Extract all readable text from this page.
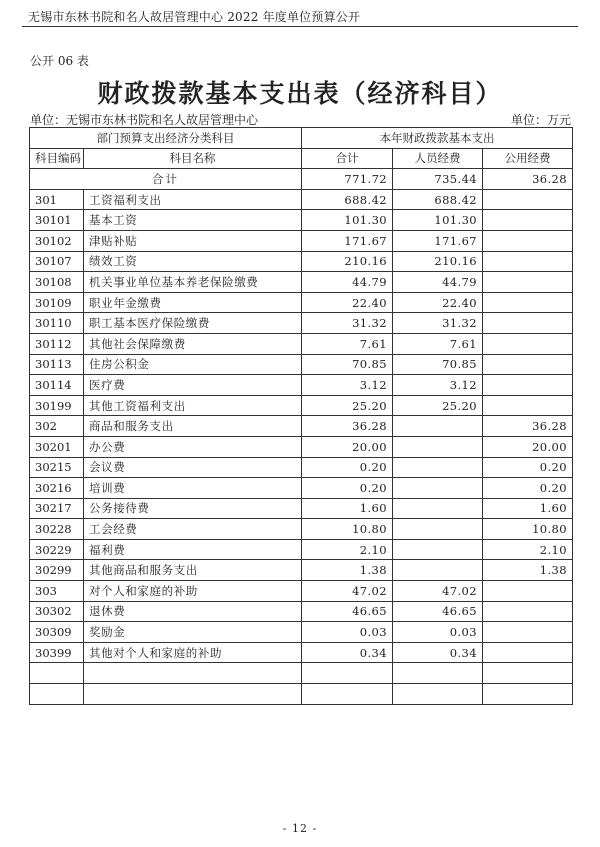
无锡市东林书院和名人故居管理中心 2022 年度单位预算公开
公开 06 表
财政拨款基本支出表（经济科目）
单位：无锡市东林书院和名人故居管理中心	单位：万元
部门预算支出经济分类科目		本年财政拨款基本支出		
科目编码	科目名称	合计	人员经费	公用经费
合计		771.72	735.44	36.28
301	工资福利支出	688.42	688.42	
30101	基本工资	101.30	101.30	
30102	津贴补贴	171.67	171.67	
30107	绩效工资	210.16	210.16	
30108	机关事业单位基本养老保险缴费	44.79	44.79	
30109	职业年金缴费	22.40	22.40	
30110	职工基本医疗保险缴费	31.32	31.32	
30112	其他社会保障缴费	7.61	7.61	
30113	住房公积金	70.85	70.85	
30114	医疗费	3.12	3.12	
30199	其他工资福利支出	25.20	25.20	
302	商品和服务支出	36.28		36.28
30201	办公费	20.00		20.00
30215	会议费	0.20		0.20
30216	培训费	0.20		0.20
30217	公务接待费	1.60		1.60
30228	工会经费	10.80		10.80
30229	福利费	2.10		2.10
30299	其他商品和服务支出	1.38		1.38
303	对个人和家庭的补助	47.02	47.02	
30302	退休费	46.65	46.65	
30309	奖励金	0.03	0.03	
30399	其他对个人和家庭的补助	0.34	0.34	

- 12 -
